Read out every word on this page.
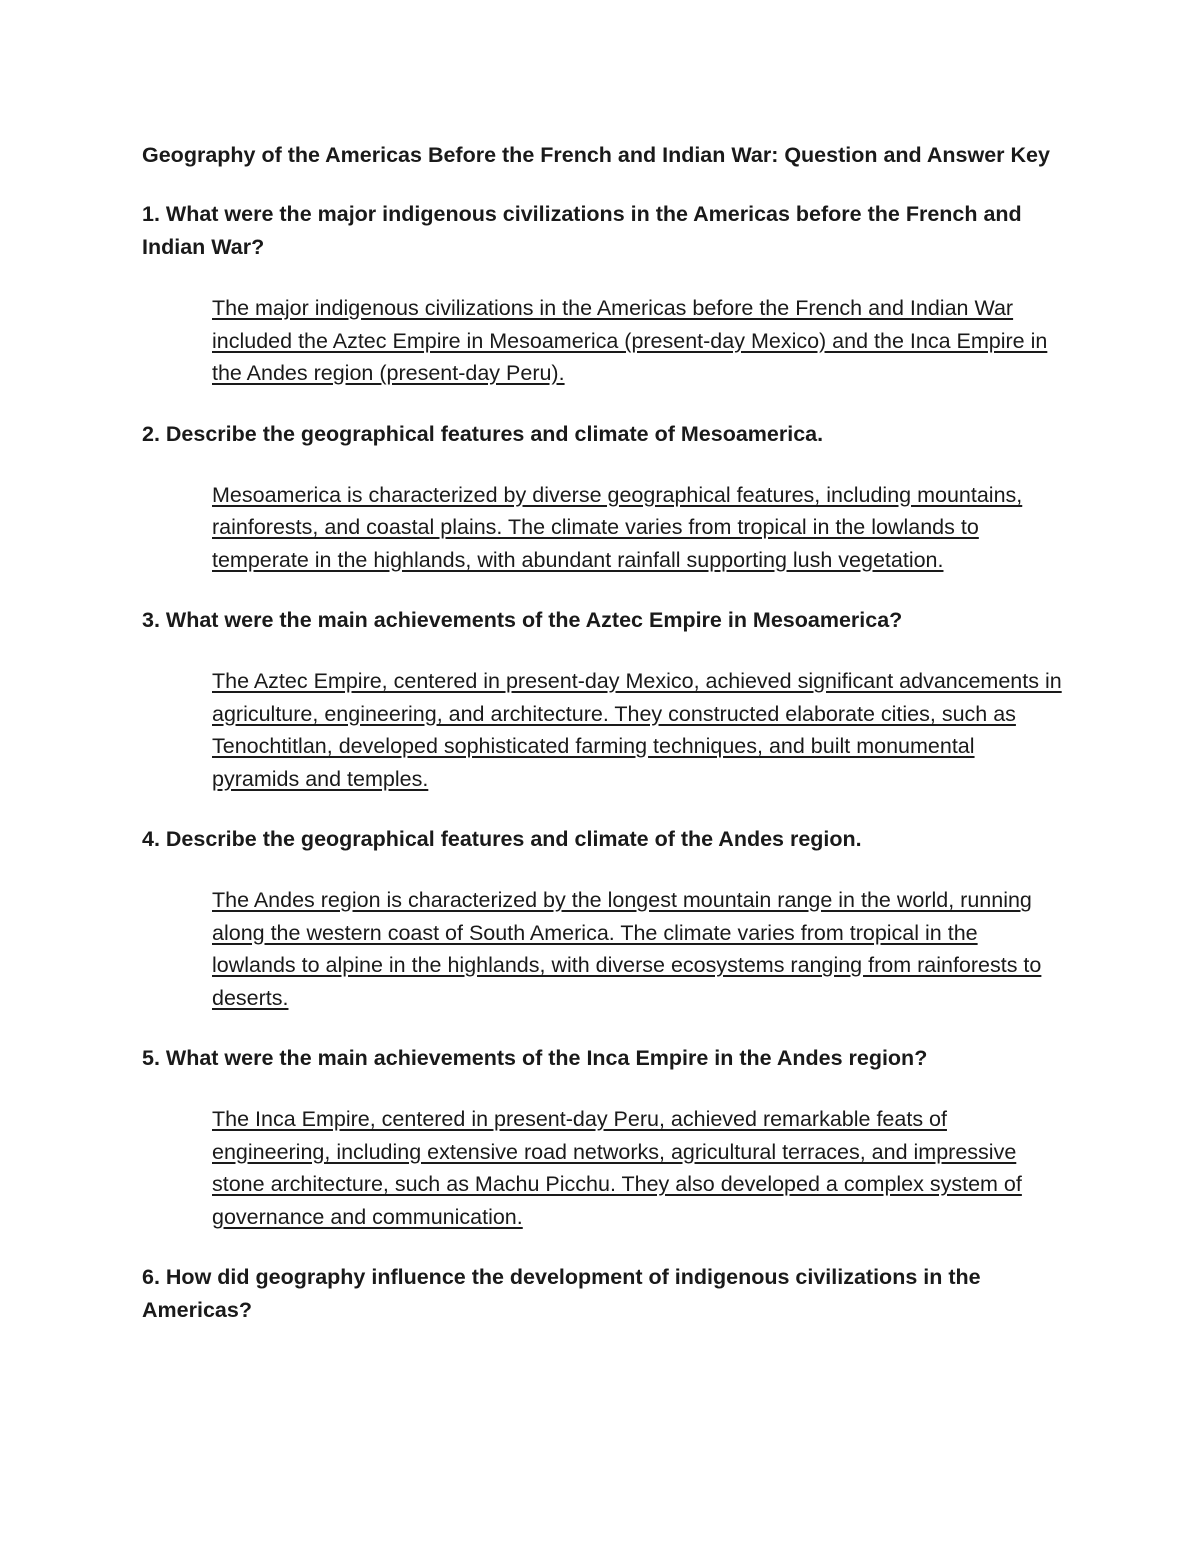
Geography of the Americas Before the French and Indian War: Question and Answer Key
1. What were the major indigenous civilizations in the Americas before the French and Indian War?
The major indigenous civilizations in the Americas before the French and Indian War included the Aztec Empire in Mesoamerica (present-day Mexico) and the Inca Empire in the Andes region (present-day Peru).
2. Describe the geographical features and climate of Mesoamerica.
Mesoamerica is characterized by diverse geographical features, including mountains, rainforests, and coastal plains. The climate varies from tropical in the lowlands to temperate in the highlands, with abundant rainfall supporting lush vegetation.
3. What were the main achievements of the Aztec Empire in Mesoamerica?
The Aztec Empire, centered in present-day Mexico, achieved significant advancements in agriculture, engineering, and architecture. They constructed elaborate cities, such as Tenochtitlan, developed sophisticated farming techniques, and built monumental pyramids and temples.
4. Describe the geographical features and climate of the Andes region.
The Andes region is characterized by the longest mountain range in the world, running along the western coast of South America. The climate varies from tropical in the lowlands to alpine in the highlands, with diverse ecosystems ranging from rainforests to deserts.
5. What were the main achievements of the Inca Empire in the Andes region?
The Inca Empire, centered in present-day Peru, achieved remarkable feats of engineering, including extensive road networks, agricultural terraces, and impressive stone architecture, such as Machu Picchu. They also developed a complex system of governance and communication.
6. How did geography influence the development of indigenous civilizations in the Americas?
